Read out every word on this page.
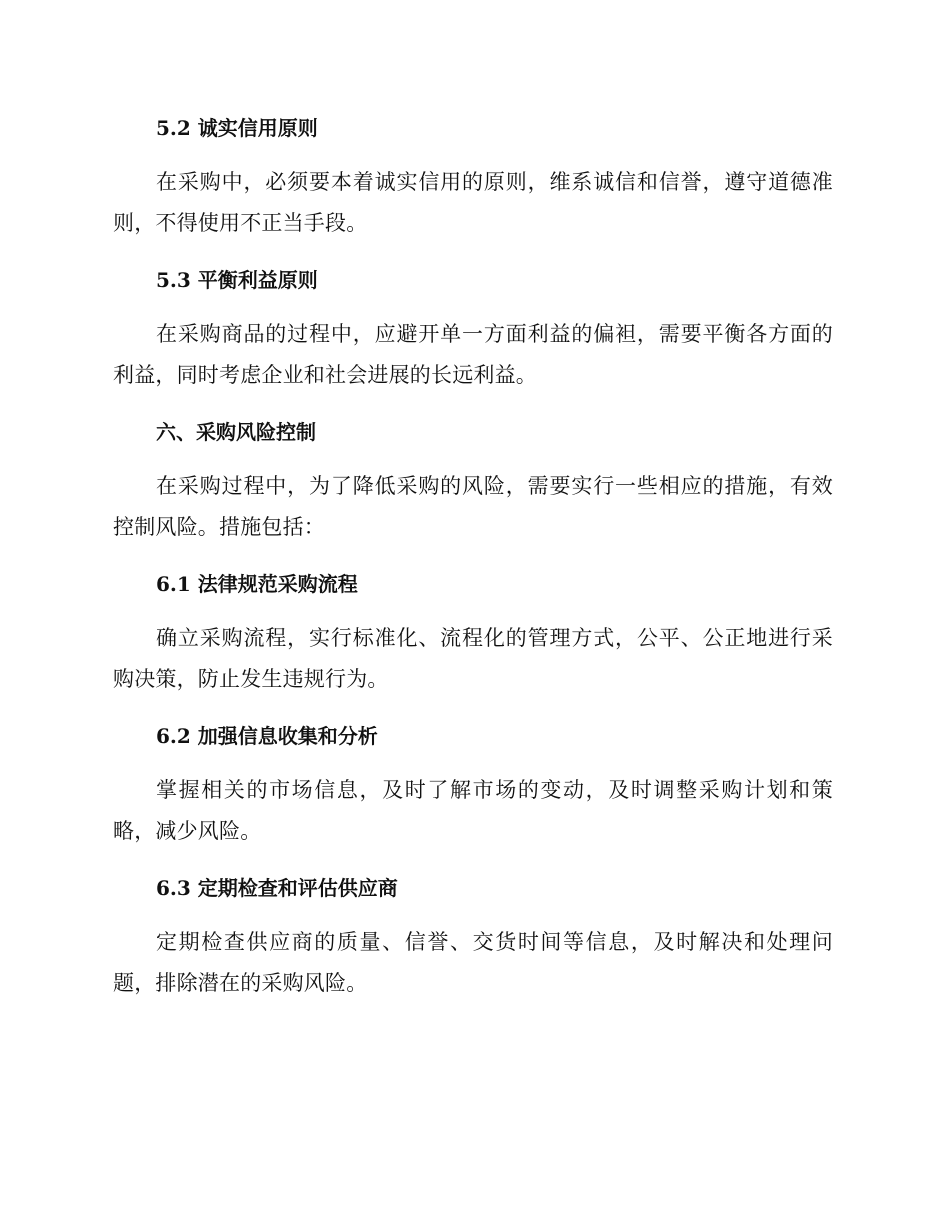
5.2 诚实信用原则
在采购中，必须要本着诚实信用的原则，维系诚信和信誉，遵守道德准则，不得使用不正当手段。
5.3 平衡利益原则
在采购商品的过程中，应避开单一方面利益的偏袒，需要平衡各方面的利益，同时考虑企业和社会进展的长远利益。
六、采购风险控制
在采购过程中，为了降低采购的风险，需要实行一些相应的措施，有效控制风险。措施包括：
6.1 法律规范采购流程
确立采购流程，实行标准化、流程化的管理方式，公平、公正地进行采购决策，防止发生违规行为。
6.2 加强信息收集和分析
掌握相关的市场信息，及时了解市场的变动，及时调整采购计划和策略，减少风险。
6.3 定期检查和评估供应商
定期检查供应商的质量、信誉、交货时间等信息，及时解决和处理问题，排除潜在的采购风险。
